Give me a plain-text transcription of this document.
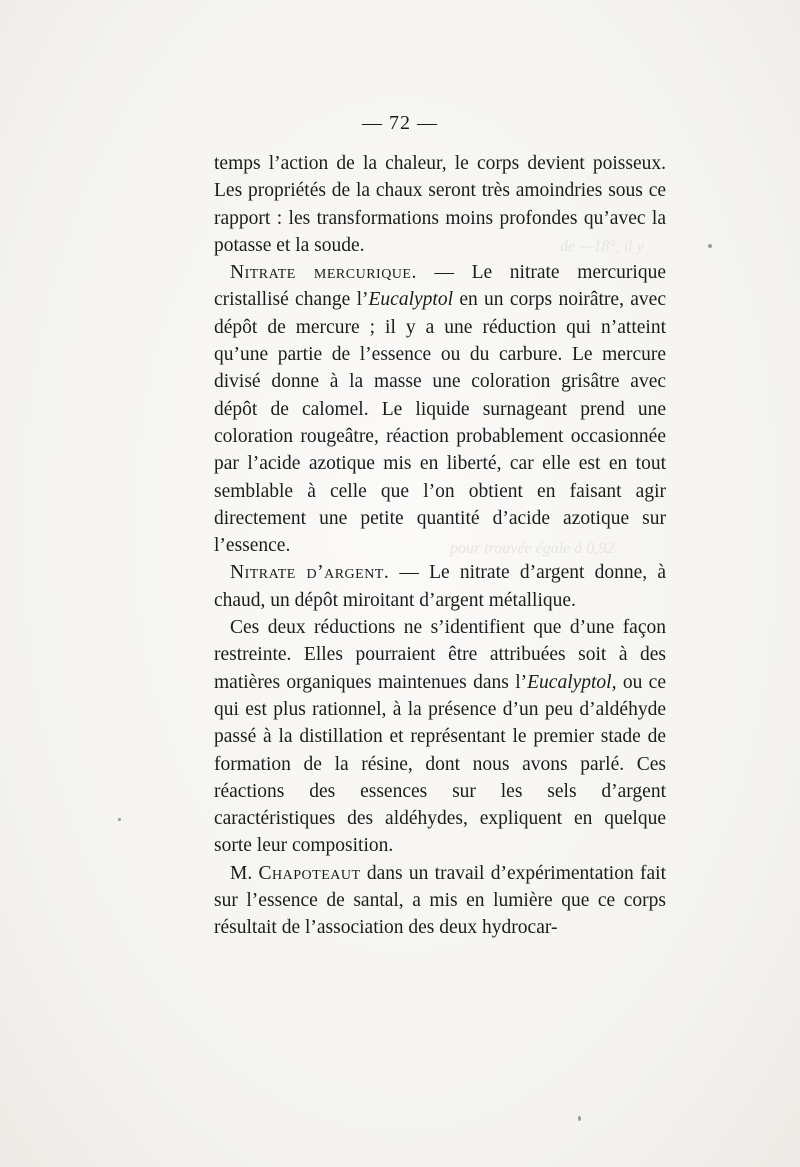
de —18°, il y
pour trouvée égale à 0,92.
— 72 —

temps l’action de la chaleur, le corps devient poisseux. Les propriétés de la chaux seront très amoindries sous ce rapport : les transformations moins profondes qu’avec la potasse et la soude.

Nitrate mercurique. — Le nitrate mercurique cristallisé change l’Eucalyptol en un corps noirâtre, avec dépôt de mercure ; il y a une réduction qui n’atteint qu’une partie de l’essence ou du carbure. Le mercure divisé donne à la masse une coloration grisâtre avec dépôt de calomel. Le liquide surnageant prend une coloration rougeâtre, réaction probablement occasionnée par l’acide azotique mis en liberté, car elle est en tout semblable à celle que l’on obtient en faisant agir directement une petite quantité d’acide azotique sur l’essence.

Nitrate d’argent. — Le nitrate d’argent donne, à chaud, un dépôt miroitant d’argent métallique.

Ces deux réductions ne s’identifient que d’une façon restreinte. Elles pourraient être attribuées soit à des matières organiques maintenues dans l’Eucalyptol, ou ce qui est plus rationnel, à la présence d’un peu d’aldéhyde passé à la distillation et représentant le premier stade de formation de la résine, dont nous avons parlé. Ces réactions des essences sur les sels d’argent caractéristiques des aldéhydes, expliquent en quelque sorte leur composition.

M. Chapoteaut dans un travail d’expérimentation fait sur l’essence de santal, a mis en lumière que ce corps résultait de l’association des deux hydrocar-
